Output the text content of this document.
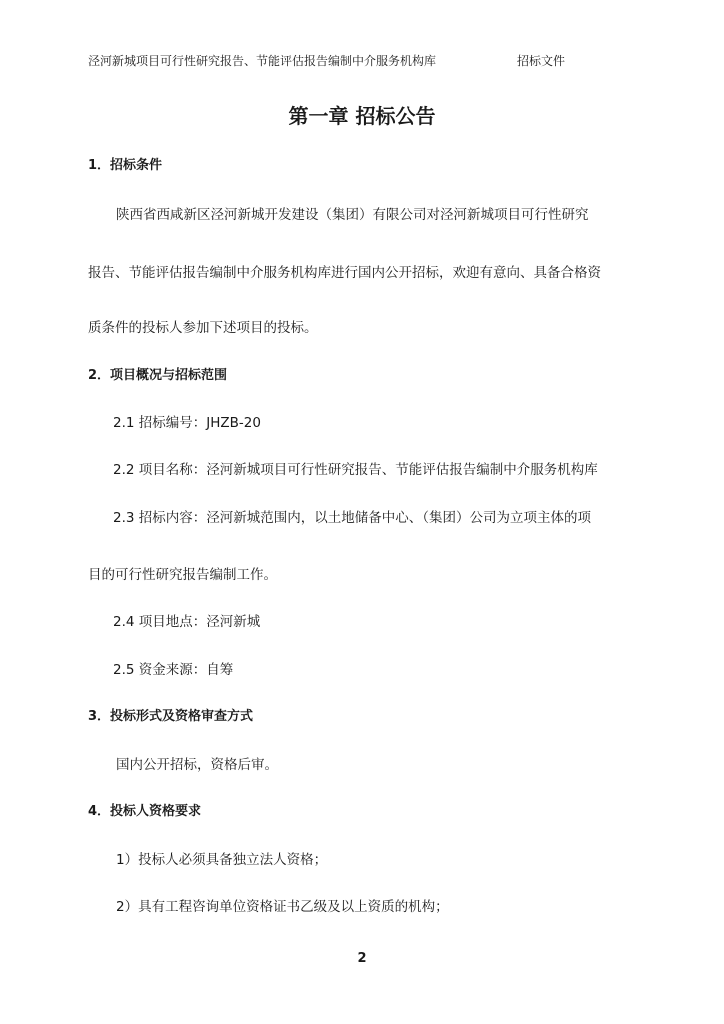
泾河新城项目可行性研究报告、节能评估报告编制中介服务机构库	招标文件
第一章 招标公告
1．招标条件
陕西省西咸新区泾河新城开发建设（集团）有限公司对泾河新城项目可行性研究
报告、节能评估报告编制中介服务机构库进行国内公开招标，欢迎有意向、具备合格资
质条件的投标人参加下述项目的投标。
2．项目概况与招标范围
2.1 招标编号：JHZB-20
2.2 项目名称：泾河新城项目可行性研究报告、节能评估报告编制中介服务机构库
2.3 招标内容：泾河新城范围内，以土地储备中心、（集团）公司为立项主体的项
目的可行性研究报告编制工作。
2.4 项目地点：泾河新城
2.5 资金来源：自筹
3．投标形式及资格审查方式
国内公开招标，资格后审。
4．投标人资格要求
1）投标人必须具备独立法人资格；
2）具有工程咨询单位资格证书乙级及以上资质的机构；
2
